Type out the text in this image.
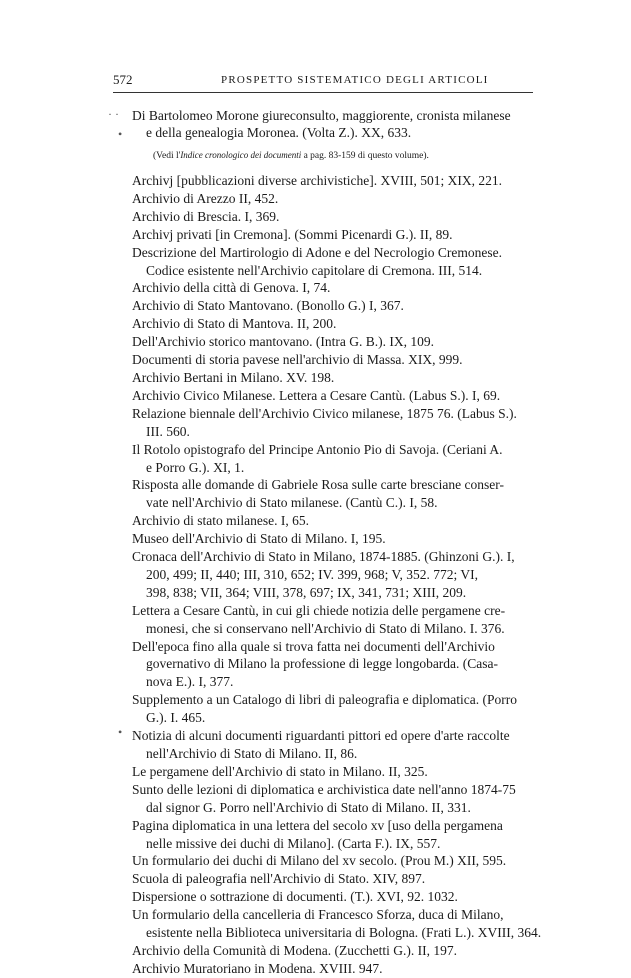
572	PROSPETTO SISTEMATICO DEGLI ARTICOLI
· ·
•
Di Bartolomeo Morone giureconsulto, maggiorente, cronista milanese
e della genealogia Moronea. (Volta Z.). XX, 633.
(Vedi l'Indice cronologico dei documenti a pag. 83-159 di questo volume).
Archivj [pubblicazioni diverse archivistiche]. XVIII, 501; XIX, 221.
Archivio di Arezzo II, 452.
Archivio di Brescia. I, 369.
Archivj privati [in Cremona]. (Sommi Picenardi G.). II, 89.
Descrizione del Martirologio di Adone e del Necrologio Cremonese.
Codice esistente nell'Archivio capitolare di Cremona. III, 514.
Archivio della città di Genova. I, 74.
Archivio di Stato Mantovano. (Bonollo G.) I, 367.
Archivio di Stato di Mantova. II, 200.
Dell'Archivio storico mantovano. (Intra G. B.). IX, 109.
Documenti di storia pavese nell'archivio di Massa. XIX, 999.
Archivio Bertani in Milano. XV. 198.
Archivio Civico Milanese. Lettera a Cesare Cantù. (Labus S.). I, 69.
Relazione biennale dell'Archivio Civico milanese, 1875 76. (Labus S.).
III. 560.
Il Rotolo opistografo del Principe Antonio Pio di Savoja. (Ceriani A.
e Porro G.). XI, 1.
Risposta alle domande di Gabriele Rosa sulle carte bresciane conser-
vate nell'Archivio di Stato milanese. (Cantù C.). I, 58.
Archivio di stato milanese. I, 65.
Museo dell'Archivio di Stato di Milano. I, 195.
Cronaca dell'Archivio di Stato in Milano, 1874-1885. (Ghinzoni G.). I,
200, 499; II, 440; III, 310, 652; IV. 399, 968; V, 352. 772; VI,
398, 838; VII, 364; VIII, 378, 697; IX, 341, 731; XIII, 209.
Lettera a Cesare Cantù, in cui gli chiede notizia delle pergamene cre-
monesi, che si conservano nell'Archivio di Stato di Milano. I. 376.
Dell'epoca fino alla quale si trova fatta nei documenti dell'Archivio
governativo di Milano la professione di legge longobarda. (Casa-
nova E.). I, 377.
Supplemento a un Catalogo di libri di paleografia e diplomatica. (Porro
G.). I. 465.
Notizia di alcuni documenti riguardanti pittori ed opere d'arte raccolte
nell'Archivio di Stato di Milano. II, 86.
Le pergamene dell'Archivio di stato in Milano. II, 325.
Sunto delle lezioni di diplomatica e archivistica date nell'anno 1874-75
dal signor G. Porro nell'Archivio di Stato di Milano. II, 331.
Pagina diplomatica in una lettera del secolo xv [uso della pergamena
nelle missive dei duchi di Milano]. (Carta F.). IX, 557.
Un formulario dei duchi di Milano del xv secolo. (Prou M.) XII, 595.
Scuola di paleografia nell'Archivio di Stato. XIV, 897.
Dispersione o sottrazione di documenti. (T.). XVI, 92. 1032.
Un formulario della cancelleria di Francesco Sforza, duca di Milano,
esistente nella Biblioteca universitaria di Bologna. (Frati L.). XVIII, 364.
Archivio della Comunità di Modena. (Zucchetti G.). II, 197.
Archivio Muratoriano in Modena. XVIII. 947.
•
